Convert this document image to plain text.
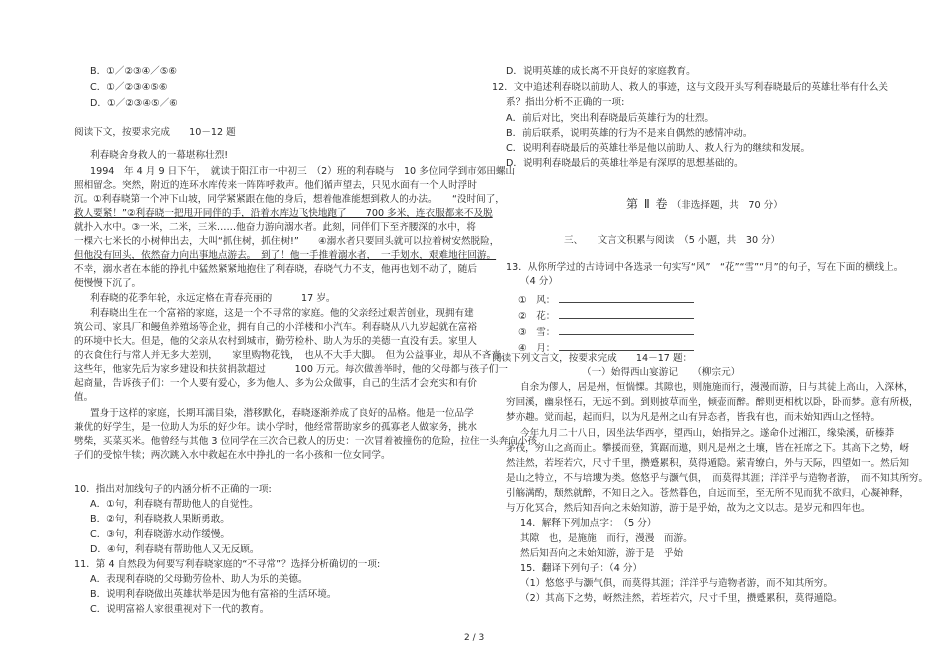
B．①／②③④／⑤⑥
C．①／②③④⑤⑥
D．①／②③④⑤／⑥
阅读下文，按要求完成　　10－12 题
利春晓舍身救人的一幕堪称壮烈!
1994　年 4 月 9 日下午，　就读于阳江市一中初三　（2）班的利春晓与　10 多位同学到市郊田螺山
照相留念。突然，附近的连环水库传来一阵阵呼救声。他们循声望去，只见水面有一个人时浮时
沉。①利春晓第一个冲下山坡，同学紧紧跟在他的身后，想着他准能想到救人的办法。　　“没时间了，
救人要紧！”②利春晓一把甩开同伴的手，沿着水库边飞快地跑了　　700 多米，连衣服都来不及脱
就扑入水中。③一米，二米，三米……他奋力游向溺水者。此刻，同伴们下至齐腰深的水中，将
一棵六七米长的小树伸出去，大叫“抓住树，抓住树!”　　④溺水者只要回头就可以拉着树安然脱险，
但他没有回头，依然奋力向出事地点游去。　到了！他一手推着溺水者，　一手划水，艰难地往回游。
不幸，溺水者在本能的挣扎中猛然紧紧地抱住了利春晓，春晓气力不支，他再也划不动了，随后
便慢慢下沉了。
利春晓的花季年轮，永远定格在青春亮丽的　　　17 岁。
利春晓出生在一个富裕的家庭，这是一个不寻常的家庭。他的父亲经过艰苦创业，现拥有建
筑公司、家具厂和鳗鱼养殖场等企业，拥有自己的小洋楼和小汽车。利春晓从八九岁起就在富裕
的环境中长大。但是，他的父亲从农村到城市，勤劳检朴、助人为乐的美德一直没有丢。家里人
的衣食住行与常人并无多大差别，　　家里购物花钱，　也从不大手大脚。　但为公益事业，却从不吝啬。
这些年，他家先后为家乡建设和扶贫捐款超过　　　100 万元。每次做善举时，他的父母都与孩子们一
起商量，告诉孩子们：一个人要有爱心，多为他人、多为公众做事，自己的生活才会充实和有价
值。
置身于这样的家庭，长期耳濡目染，潜移默化，春晓逐渐养成了良好的品格。他是一位品学
兼优的好学生，是一位助人为乐的好少年。读小学时，他经常帮助家乡的孤寡老人做家务，挑水
劈柴，买菜买米。他曾经与其他 3 位同学在三次合已救人的历史：一次冒着被撞伤的危险，拉住一头奔向小孩
子们的受惊牛犊；两次跳入水中救起在水中挣扎的一名小孩和一位女同学。
10．指出对加线句子的内涵分析不正确的一项:
A．①句，利春晓有帮助他人的自觉性。
B．②句，利春晓救人果断勇敢。
C．③句，利春晓游水动作缓慢。
D．④句，利春晓有帮助他人又无反顾。
11．第 4 自然段为何要写利春晓家庭的“不寻常”？选择分析确切的一项:
A．表现利春晓的父母勤劳俭朴、助人为乐的美德。
B．说明利春晓做出英雄状举是因为他有富裕的生活环境。
C．说明富裕人家很重视对下一代的教育。
D．说明英雄的成长离不开良好的家庭教育。
12．文中追述利春晓以前助人、救人的事迹，这与文段开头写利春晓最后的英雄壮举有什么关
系？指出分析不正确的一项:
A．前后对比，突出利春晓最后英雄行为的壮烈。
B．前后联系，说明英雄的行为不是来自偶然的感情冲动。
C．说明利春晓最后的英雄壮举是他以前助人、救人行为的继续和发展。
D．说明利春晓最后的英雄壮举是有深厚的思想基础的。
第 Ⅱ 卷 （非选择题，共　70 分）
三、　　文言文积累与阅读　（5 小题，共　30 分）
13．从你所学过的古诗词中各选录一句实写“风”　“花”“雪”“月”的句子，写在下面的横线上。
（4 分）
①　风：
②　花：
③　雪：
④　月：
阅读下列文言文，按要求完成　　14－17 题：
（一）始得西山宴游记　　（柳宗元）
自余为僇人，居是州，恒惴慄。其隙也，则施施而行，漫漫而游，日与其徒上高山，入深林，
穷回溪，幽泉怪石，无远不到。到则披草而坐，倾壶而醉。醉则更相枕以卧，卧而梦。意有所极，
梦亦趣。觉而起，起而归，以为凡是州之山有异态者，皆我有也，而未始知西山之怪特。
今年九月二十八日，因坐法华西亭，望西山，始指异之。遂命仆过湘江，缘染溪，斫榛莽
茅茷，穷山之高而止。攀援而登，箕踞而遨，则凡是州之土壤，皆在衽席之下。其高下之势，岈
然洼然，若垤若穴，尺寸千里，攒蹙累积，莫得遁隐。萦青缭白，外与天际，四望如一。然后知
是山之特立，不与培塿为类。悠悠乎与灏气俱，　而莫得其涯；洋洋乎与造物者游，　而不知其所穷。
引觞满酌，颓然就醉，不知日之入。苍然暮色，自远而至，至无所不见而犹不欲归，心凝神释，
与万化冥合，然后知吾向之未始知游，游于是乎始，故为之文以志。是岁元和四年也。
14．解释下列加点字：　（5 分）
其隙　也，是施施　而行，漫漫　而游。
然后知吾向之未始知游，游于是　乎始
15．翻译下列句子：（4 分）
（1）悠悠乎与灏气俱，而莫得其涯；洋洋乎与造物者游，而不知其所穷。
（2）其高下之势，岈然洼然，若垤若穴，尺寸千里，攒蹙累积，莫得遁隐。
2 / 3
